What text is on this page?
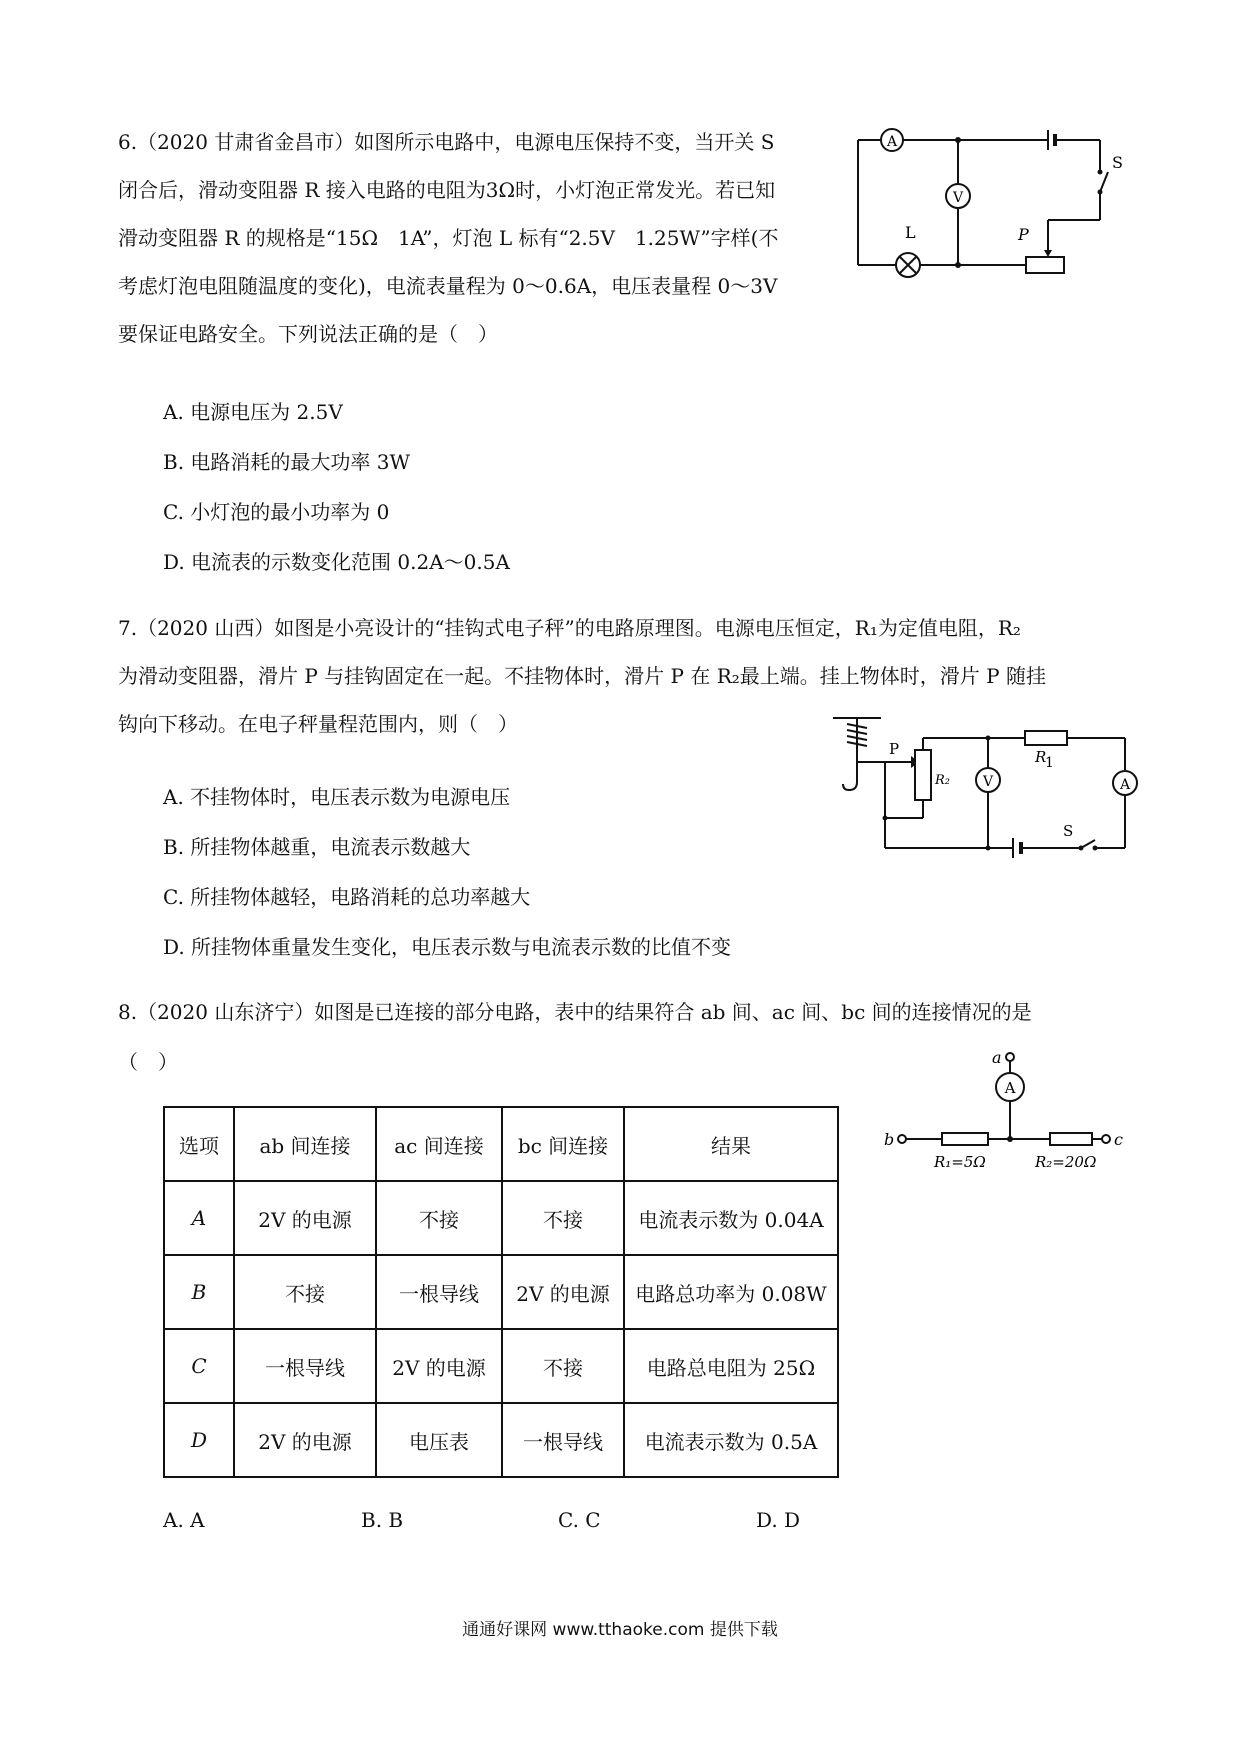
6.（2020 甘肃省金昌市）如图所示电路中，电源电压保持不变，当开关 S
闭合后，滑动变阻器 R 接入电路的电阻为3Ω时，小灯泡正常发光。若已知
滑动变阻器 R 的规格是“15Ω　1A”，灯泡 L 标有“2.5V　1.25W”字样(不
考虑灯泡电阻随温度的变化)，电流表量程为 0～0.6A，电压表量程 0～3V
要保证电路安全。下列说法正确的是（　）
A. 电源电压为 2.5V
B. 电路消耗的最大功率 3W
C. 小灯泡的最小功率为 0
D. 电流表的示数变化范围 0.2A～0.5A
A
V
S
L	P
7.（2020 山西）如图是小亮设计的“挂钩式电子秤”的电路原理图。电源电压恒定，R₁为定值电阻，R₂
为滑动变阻器，滑片 P 与挂钩固定在一起。不挂物体时，滑片 P 在 R₂最上端。挂上物体时，滑片 P 随挂
钩向下移动。在电子秤量程范围内，则（　）
A. 不挂物体时，电压表示数为电源电压
B. 所挂物体越重，电流表示数越大
C. 所挂物体越轻，电路消耗的总功率越大
D. 所挂物体重量发生变化，电压表示数与电流表示数的比值不变
P
R₂ V
R
1
A
S
8.（2020 山东济宁）如图是已连接的部分电路，表中的结果符合 ab 间、ac 间、bc 间的连接情况的是
（　）
选项	ab 间连接	ac 间连接	bc 间连接	结果
A	2V 的电源	不接	不接	电流表示数为 0.04A
B	不接	一根导线	2V 的电源	电路总功率为 0.08W
C	一根导线	2V 的电源	不接	电路总电阻为 25Ω
D	2V 的电源	电压表	一根导线	电流表示数为 0.5A
A. A	B. B	C. C	D. D
a
b	c
A
R₁=5Ω	R₂=20Ω
通通好课网 www.tthaoke.com 提供下载
